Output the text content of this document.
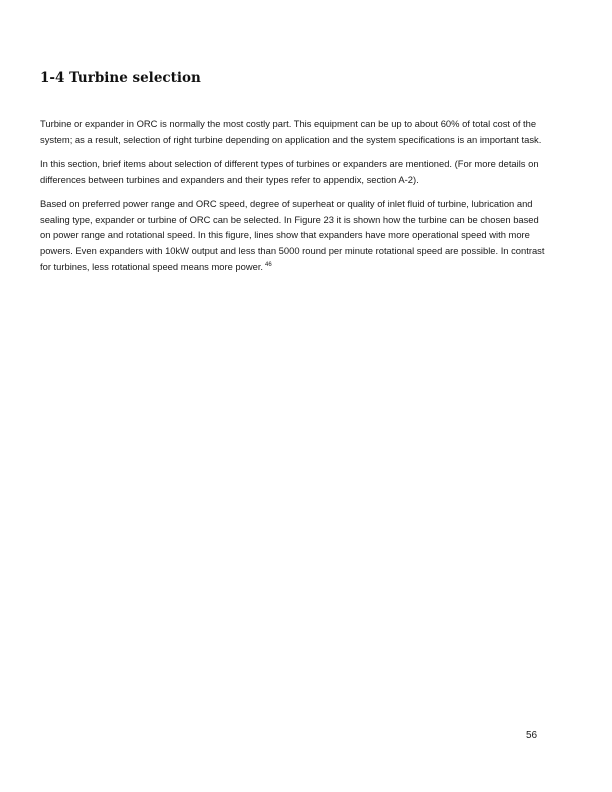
1-4 Turbine selection

Turbine or expander in ORC is normally the most costly part. This equipment can be up to about 60% of total cost of the system; as a result, selection of right turbine depending on application and the system specifications is an important task.

In this section, brief items about selection of different types of turbines or expanders are mentioned. (For more details on differences between turbines and expanders and their types refer to appendix, section A-2).

Based on preferred power range and ORC speed, degree of superheat or quality of inlet fluid of turbine, lubrication and sealing type, expander or turbine of ORC can be selected. In Figure 23 it is shown how the turbine can be chosen based on power range and rotational speed. In this figure, lines show that expanders have more operational speed with more powers. Even expanders with 10kW output and less than 5000 round per minute rotational speed are possible. In contrast for turbines, less rotational speed means more power. $^{46}$

56
